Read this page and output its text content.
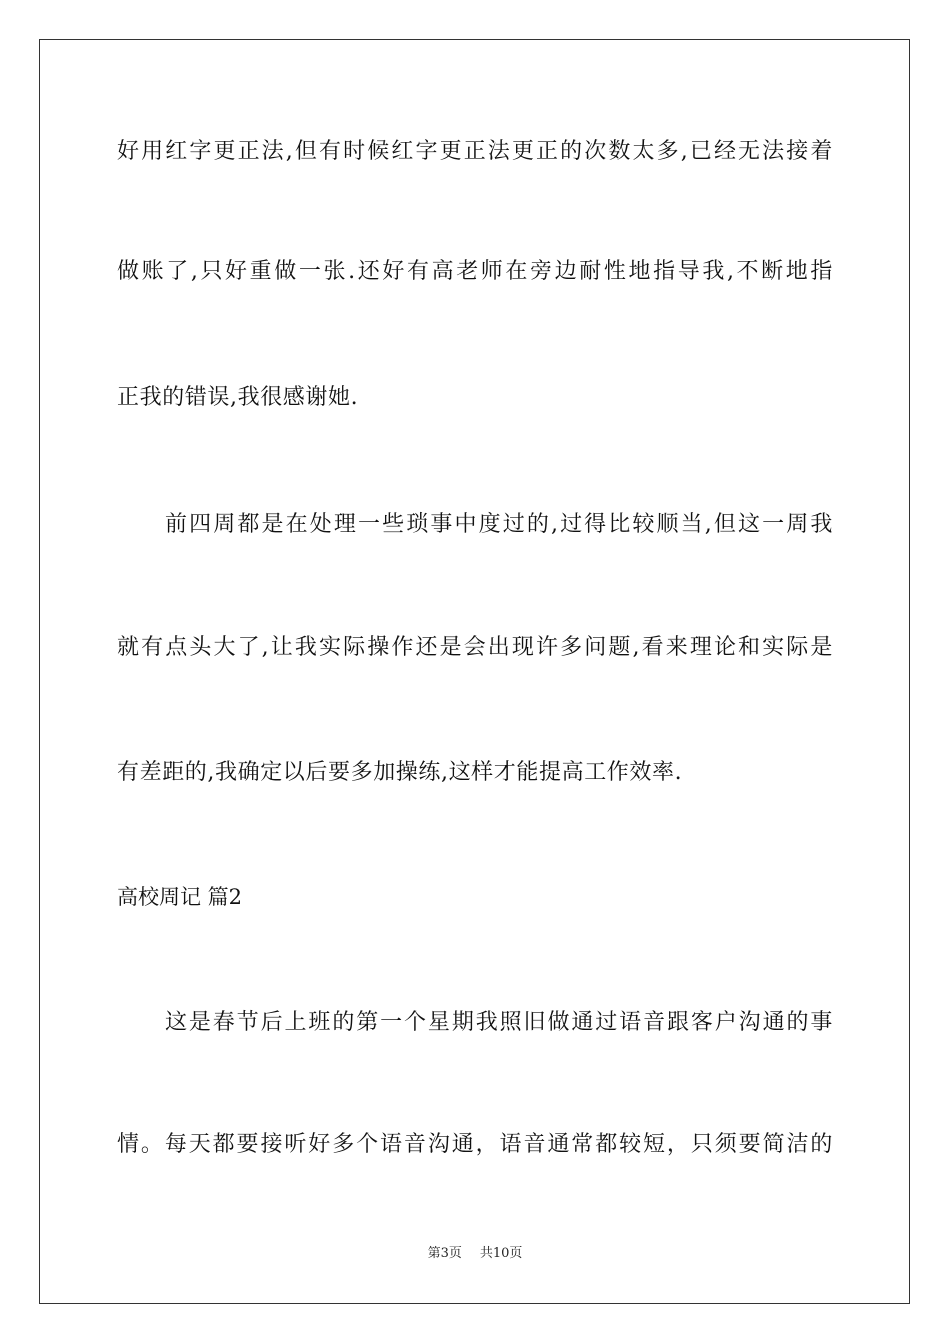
好用红字更正法,但有时候红字更正法更正的次数太多,已经无法接着
做账了,只好重做一张.还好有高老师在旁边耐性地指导我,不断地指
正我的错误,我很感谢她.
前四周都是在处理一些琐事中度过的,过得比较顺当,但这一周我
就有点头大了,让我实际操作还是会出现许多问题,看来理论和实际是
有差距的,我确定以后要多加操练,这样才能提高工作效率.
高校周记 篇2
这是春节后上班的第一个星期我照旧做通过语音跟客户沟通的事
情。每天都要接听好多个语音沟通，语音通常都较短，只须要简洁的
第3页 共10页
